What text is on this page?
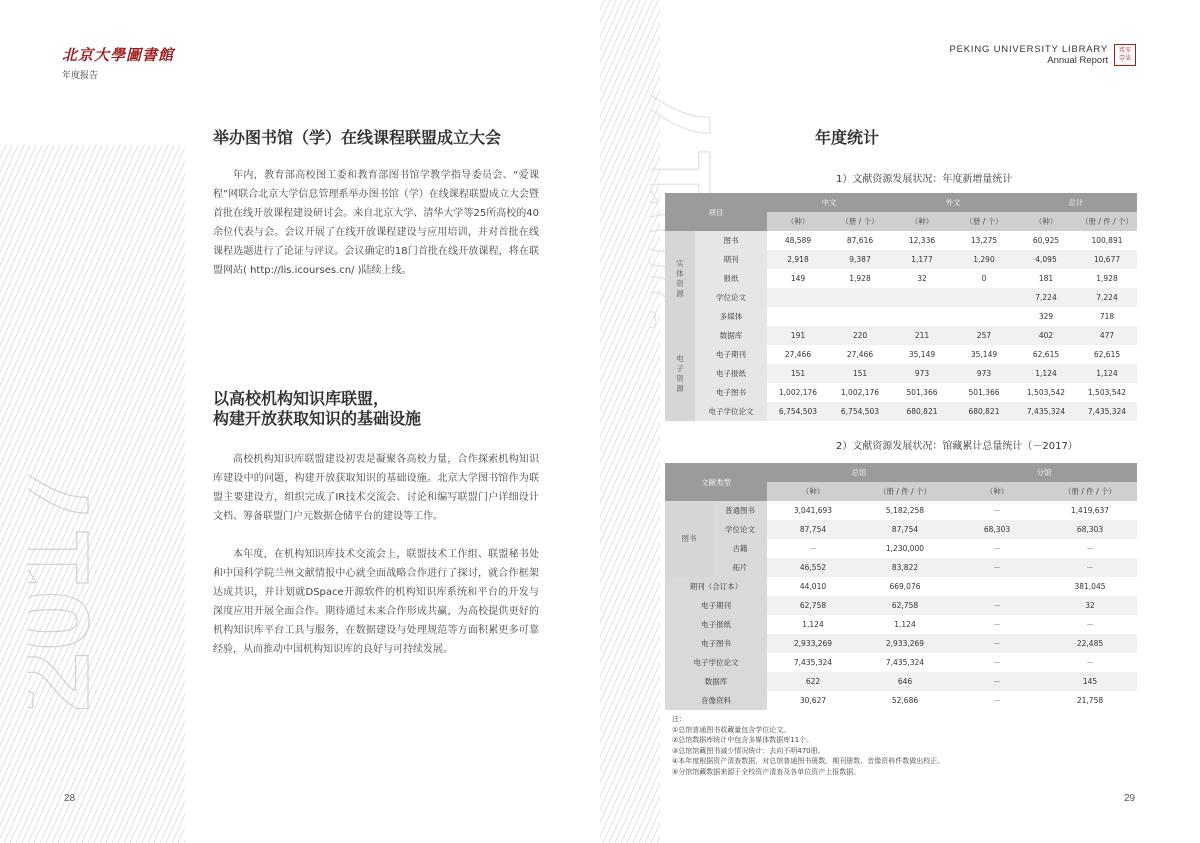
2017
北京大學圖書館
年度报告
举办图书馆（学）在线课程联盟成立大会
年内，教育部高校图工委和教育部图书馆学教学指导委员会、“爱课程”网联合北京大学信息管理系举办图书馆（学）在线课程联盟成立大会暨首批在线开放课程建设研讨会。来自北京大学、清华大学等25所高校的40余位代表与会。会议开展了在线开放课程建设与应用培训，并对首批在线课程选题进行了论证与评议。会议确定的18门首批在线开放课程，将在联盟网站( http://lis.icourses.cn/ )陆续上线。
以高校机构知识库联盟，
构建开放获取知识的基础设施
高校机构知识库联盟建设初衷是凝聚各高校力量，合作探索机构知识库建设中的问题，构建开放获取知识的基础设施。北京大学图书馆作为联盟主要建设方，组织完成了IR技术交流会、讨论和编写联盟门户详细设计文档、筹备联盟门户元数据仓储平台的建设等工作。
本年度，在机构知识库技术交流会上，联盟技术工作组、联盟秘书处和中国科学院兰州文献情报中心就全面战略合作进行了探讨，就合作框架达成共识，并计划就DSpace开源软件的机构知识库系统和平台的开发与深度应用开展全面合作。期待通过未来合作形成共赢，为高校提供更好的机构知识库平台工具与服务，在数据建设与处理规范等方面积累更多可靠经验，从而推动中国机构知识库的良好与可持续发展。
28
PEKING UNIVERSITY LIBRARY
Annual Report
贰零壹柒
年度统计
1）文献资源发展状况：年度新增量统计
项目		中文		外文		总计	
		（种）	（册 / 个）	（种）	（册 / 个）	（种）	（册 / 件 / 个）
实体资源	图书	48,589	87,616	12,336	13,275	60,925	100,891
	期刊	2,918	9,387	1,177	1,290	4,095	10,677
	报纸	149	1,928	32	0	181	1,928
	学位论文					7,224	7,224
	多媒体					329	718
电子资源	数据库	191	220	211	257	402	477
	电子期刊	27,466	27,466	35,149	35,149	62,615	62,615
	电子报纸	151	151	973	973	1,124	1,124
	电子图书	1,002,176	1,002,176	501,366	501,366	1,503,542	1,503,542
	电子学位论文	6,754,503	6,754,503	680,821	680,821	7,435,324	7,435,324
2）文献资源发展状况：馆藏累计总量统计（－2017）
文献类型		总馆		分馆	
		（种）	（册 / 件 / 个）	（种）	（册 / 件 / 个）
图书	普通图书	3,041,693	5,182,258	－	1,419,637
	学位论文	87,754	87,754	68,303	68,303
	古籍	－	1,230,000	－	－
	拓片	46,552	83,822	－	－
期刊（合订本）		44,010	669,076		381,045
电子期刊		62,758	62,758	－	32
电子报纸		1,124	1,124	－	－
电子图书		2,933,269	2,933,269	－	22,485
电子学位论文		7,435,324	7,435,324	－	－
数据库		622	646	－	145
音像资料		30,627	52,686	－	21,758
注：
①总馆普通图书收藏量包含学位论文。
②总馆数据库统计中包含多媒体数据库11个。
③总馆馆藏图书减少情况统计：去向不明470册。
④本年度根据资产清查数据，对总馆普通图书册数、期刊册数、音像资料件数做出校正。
⑤分馆馆藏数据来源于全校资产清查及各单位资产上报数据。
29
